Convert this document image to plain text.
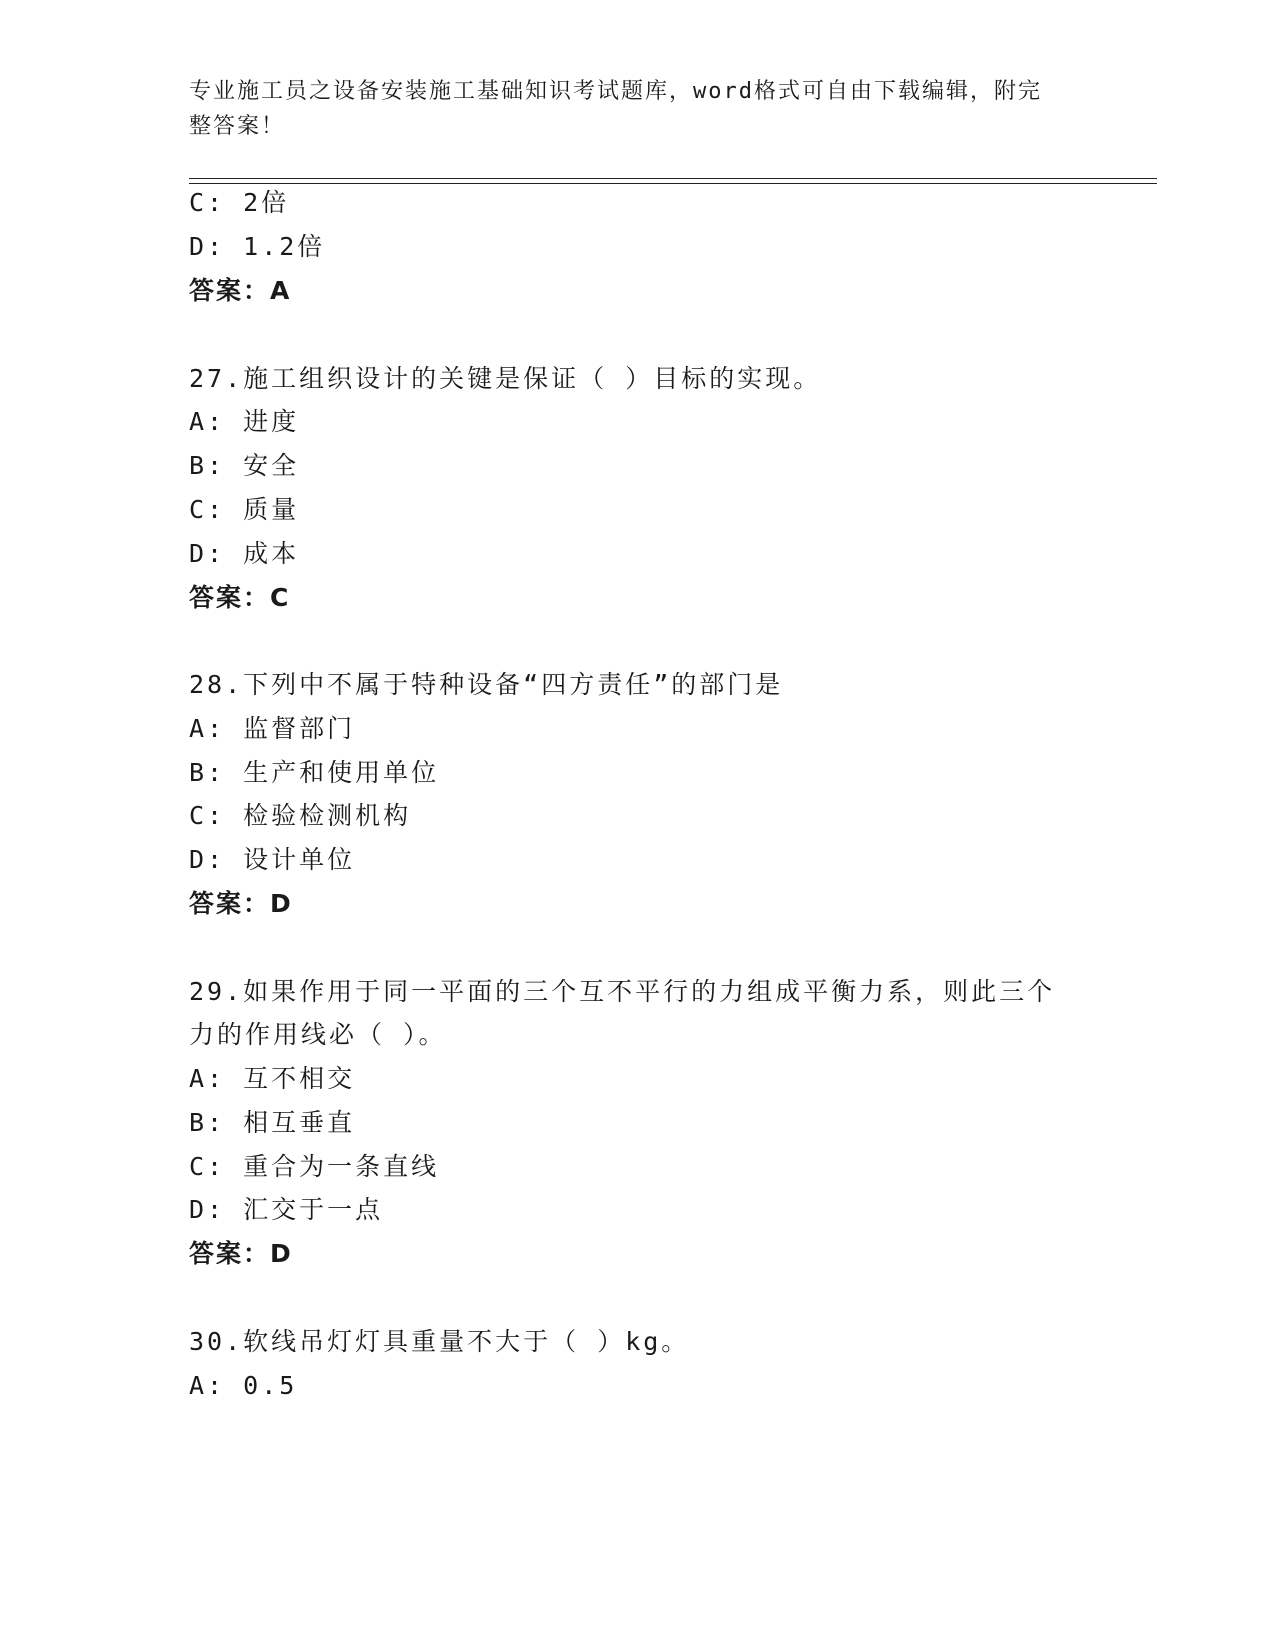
专业施工员之设备安装施工基础知识考试题库，word格式可自由下载编辑，附完
整答案！
C: 2倍
D: 1.2倍
答案：A
27.施工组织设计的关键是保证（ ）目标的实现。
A: 进度
B: 安全
C: 质量
D: 成本
答案：C
28.下列中不属于特种设备“四方责任”的部门是
A: 监督部门
B: 生产和使用单位
C: 检验检测机构
D: 设计单位
答案：D
29.如果作用于同一平面的三个互不平行的力组成平衡力系，则此三个
力的作用线必（ ）。
A: 互不相交
B: 相互垂直
C: 重合为一条直线
D: 汇交于一点
答案：D
30.软线吊灯灯具重量不大于（ ）kg。
A: 0.5
